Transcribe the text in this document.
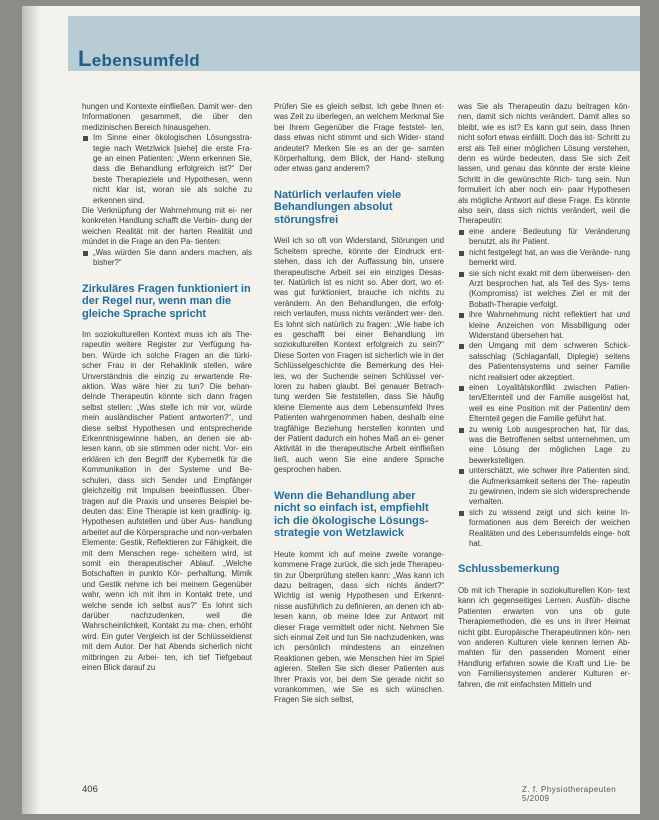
Lebensumfeld

hungen und Kontexte einfließen. Damit wer- den Informationen gesammelt, die über den medizinischen Bereich hinausgehen.

Im Sinne einer ökologischen Lösungsstra- tegie nach Wetzlwick [siehe] die erste Fra- ge an einen Patienten: „Wenn erkennen Sie, dass die Behandlung erfolgreich ist?“ Der beste Therapieziele und Hypothesen, wenn nicht klar ist, woran sie als solche zu erkennen sind.

Die Verknüpfung der Wahrnehmung mit ei- ner konkreten Handlung schafft die Verbin- dung der weichen Realität mit der harten Realität und mündet in die Frage an den Pa- tienten:

„Was würden Sie dann anders machen, als bisher?“

Zirkuläres Fragen funktioniert in der Regel nur, wenn man die gleiche Sprache spricht

Im soziokulturellen Kontext muss ich als The- rapeutin weitere Register zur Verfügung ha- ben. Würde ich solche Fragen an die türki- scher Frau in der Rehaklinik stellen, wäre Unverständnis die einzig zu erwartende Re- aktion. Was wäre hier zu tun? Die behan- delnde Therapeutin könnte sich dann fragen selbst stellen: „Was stelle ich mir vor, würde mein ausländischer Patient antworten?“, und diese selbst Hypothesen und entsprechende Erkenntnisgewinne haben, an denen sie ab- lesen kann, ob sie stimmen oder nicht. Vor- ein erklären ich den Begriff der Kybernetik für die Kommunikation in der Systeme und Be- schulen, dass sich Sender und Empfänger gleichzeitig mit Impulsen beeinflussen. Über- tragen auf die Praxis und unseres Beispiel be- deuten das: Eine Therapie ist kein gradlinig- ig. Hypothesen aufstellen und über Aus- handlung arbeitet auf die Körpersprache und non-verbalen Elemente: Gestik, Reflektieren zur Fähigkeit, die mit dem Menschen rege- scheitern wird, ist somit ein therapeutischer Ablauf. „Welche Botschaften in punkto Kör- perhaltung, Mimik und Gestik nehme ich bei meinem Gegenüber wahr, wenn ich mit ihm in Kontakt trete, und welche sende ich selbst aus?“ Es lohnt sich darüber nachzudenken, weil die Wahrscheinlichkeit, Kontakt zu ma- chen, erhöht wird. Ein guter Vergleich ist der Schlüsseldienst mit dem Autor. Der hat Abends sicherlich nicht mitbringen zu Arbei- ten, ich tief Tiefgebaut einen Blick darauf zu

Prüfen Sie es gleich selbst. Ich gebe Ihnen et- was Zeit zu überlegen, an welchem Merkmal Sie bei Ihrem Gegenüber die Frage feststel- len, dass etwas nicht stimmt und sich Wider- stand andeutet? Merken Sie es an der ge- samten Körperhaltung, dem Blick, der Hand- stellung oder etwas ganz anderem?

Natürlich verlaufen viele Behandlungen absolut störungsfrei

Weil ich so oft von Widerstand, Störungen und Scheitern spreche, könnte der Eindruck ent- stehen, dass ich der Auffassung bin, unsere therapeutische Arbeit sei ein einziges Desas- ter. Natürlich ist es nicht so. Aber dort, wo et- was gut funktioniert, brauche ich nichts zu verändern. An den Behandlungen, die erfolg- reich verlaufen, muss nichts verändert wer- den. Es lohnt sich natürlich zu fragen: „Wie habe ich es geschafft bei einer Behandlung im soziokulturellen Kontext erfolgreich zu sein?“ Diese Sorten von Fragen ist sicherlich wie in der Schlüsselgeschichte die Bemerkung des Hei- les, wo der Suchende seinen Schlüssel ver- loren zu haben glaubt. Bei genauer Betrach- tung werden Sie feststellen, dass Sie häufig kleine Elemente aus dem Lebensumfeld Ihres Patienten wahrgenommen haben, deshalb eine tragfähige Beziehung herstellen konnten und der Patient dadurch ein hohes Maß an ei- gener Aktivität in die therapeutische Arbeit einfließen ließ, auch wenn Sie eine andere Sprache gesprochen haben.

Wenn die Behandlung aber nicht so einfach ist, empfiehlt ich die ökologische Lösungs- strategie von Wetzlawick

Heute kommt ich auf meine zweite vorange- kommene Frage zurück, die sich jede Therapeu- tin zur Überprüfung stellen kann: „Was kann ich dazu beitragen, dass sich nichts ändert?“ Wichtig ist wenig Hypothesen und Erkennt- nisse ausführlich zu definieren, an denen ich ab- lesen kann, ob meine Idee zur Antwort mit dieser Frage vermittelt oder nicht. Nehmen Sie sich einmal Zeit und tun Sie nachzudenken, was ich persönlich mindestens an einzelnen Reaktionen geben, wie Menschen hier im Spiel agieren. Stellen Sie sich dieser Patienten aus Ihrer Praxis vor, bei dem Sie gerade nicht so vorankommen, wie Sie es sich wünschen. Fragen Sie sich selbst,

was Sie als Therapeutin dazu beitragen kön- nen, damit sich nichts verändert. Damit alles so bleibt, wie es ist? Es kann gut sein, dass Ihnen nicht sofort etwas einfällt. Doch das ist- Schritt zu erst als Teil einer möglichen Lösung verstehen, denn es würde bedeuten, dass Sie sich Zeit lassen, und genau das könnte der erste kleine Schritt in die gewünschte Rich- tung sein. Nun formuliert ich aber noch ein- paar Hypothesen als mögliche Antwort auf diese Frage. Es könnte also sein, dass sich nichts verändert, weil die Therapeutin:

eine andere Bedeutung für Veränderung benutzt, als ihr Patient.

nicht festgelegt hat, an was die Verände- rung bemerkt wird.

sie sich nicht exakt mit dem überweisen- den Arzt besprochen hat, als Teil des Sys- tems (Kompromiss) ist welches Ziel er mit der Bobath-Therapie verfolgt.

ihre Wahrnehmung nicht reflektiert hat und kleine Anzeichen von Missbilligung oder Widerstand übersehen hat.

den Umgang mit dem schweren Schick- salsschlag (Schlaganfall, Diplegie) seitens des Patientensystems und seiner Familie nicht realisiert oder akzeptiert.

einen Loyalitätskonflikt zwischen Patien- ten/Elternteil und der Familie ausgelöst hat, weil es eine Position mit der Patientin/ dem Elternteil gegen die Familie geführt hat.

zu wenig Lob ausgesprochen hat, für das, was die Betroffenen selbst unternehmen, um eine Lösung der möglichen Lage zu bewerkstelligen.

unterschätzt, wie schwer ihre Patienten sind, die Aufmerksamkeit seitens der The- rapeutin zu gewinnen, indem sie sich widersprechende verhalten.

sich zu wissend zeigt und sich keine In- formationen aus dem Bereich der weichen Realitäten und des Lebensumfelds einge- holt hat.

Schlussbemerkung

Ob mit ich Therapie in soziokulturellen Kon- text kann ich gegenseitiges Lernen. Ausfüh- dische Patienten erwarten von uns ob gute Therapiemethoden, die es uns in ihrer Heimat nicht gibt. Europäische Therapeutinnen kön- nen von anderen Kulturen viele kennen lernen Ab- mahten für den passenden Moment einer Handlung erfahren sowie die Kraft und Lie- be von Familiensystemen anderer Kulturen er- fahren, die mit einfachsten Mitteln und

406	Z. f. Physiotherapeuten 5/2009
